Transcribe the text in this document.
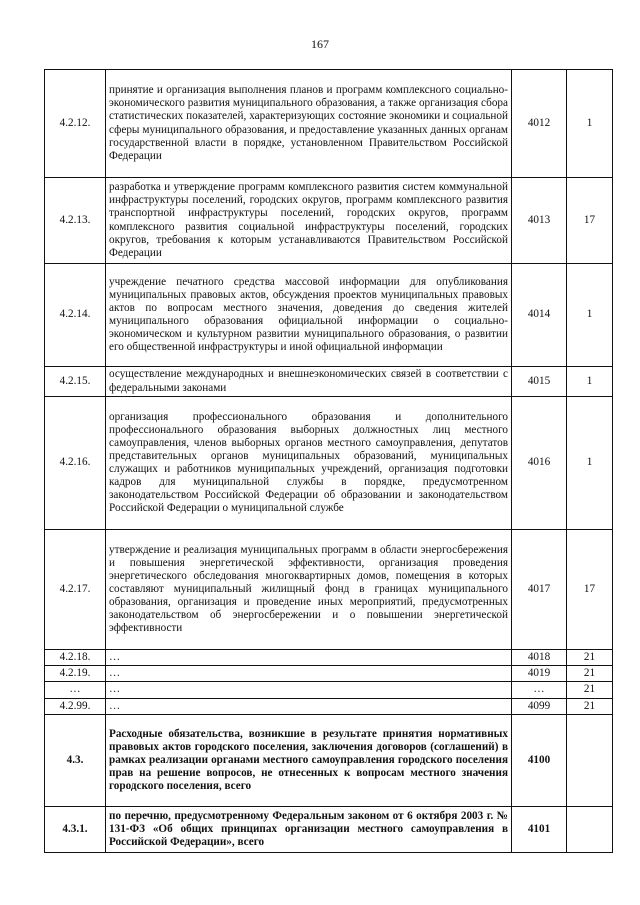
167
4.2.12.	принятие и организация выполнения планов и программ комплексного социально-экономического развития муниципального образования, а также организация сбора статистических показателей, характеризующих состояние экономики и социальной сферы муниципального образования, и предоставление указанных данных органам государственной власти в порядке, установленном Правительством Российской Федерации	4012	1
4.2.13.	разработка и утверждение программ комплексного развития систем коммунальной инфраструктуры поселений, городских округов, программ комплексного развития транспортной инфраструктуры поселений, городских округов, программ комплексного развития социальной инфраструктуры поселений, городских округов, требования к которым устанавливаются Правительством Российской Федерации	4013	17
4.2.14.	учреждение печатного средства массовой информации для опубликования муниципальных правовых актов, обсуждения проектов муниципальных правовых актов по вопросам местного значения, доведения до сведения жителей муниципального образования официальной информации о социально-экономическом и культурном развитии муниципального образования, о развитии его общественной инфраструктуры и иной официальной информации	4014	1
4.2.15.	осуществление международных и внешнеэкономических связей в соответствии с федеральными законами	4015	1
4.2.16.	организация профессионального образования и дополнительного профессионального образования выборных должностных лиц местного самоуправления, членов выборных органов местного самоуправления, депутатов представительных органов муниципальных образований, муниципальных служащих и работников муниципальных учреждений, организация подготовки кадров для муниципальной службы в порядке, предусмотренном законодательством Российской Федерации об образовании и законодательством Российской Федерации о муниципальной службе	4016	1
4.2.17.	утверждение и реализация муниципальных программ в области энергосбережения и повышения энергетической эффективности, организация проведения энергетического обследования многоквартирных домов, помещения в которых составляют муниципальный жилищный фонд в границах муниципального образования, организация и проведение иных мероприятий, предусмотренных законодательством об энергосбережении и о повышении энергетической эффективности	4017	17
4.2.18.	…	4018	21
4.2.19.	…	4019	21
…	…	…	21
4.2.99.	…	4099	21
4.3.	Расходные обязательства, возникшие в результате принятия нормативных правовых актов городского поселения, заключения договоров (соглашений) в рамках реализации органами местного самоуправления городского поселения прав на решение вопросов, не отнесенных к вопросам местного значения городского поселения, всего	4100	
4.3.1.	по перечню, предусмотренному Федеральным законом от 6 октября 2003 г. № 131-ФЗ «Об общих принципах организации местного самоуправления в Российской Федерации», всего	4101	
